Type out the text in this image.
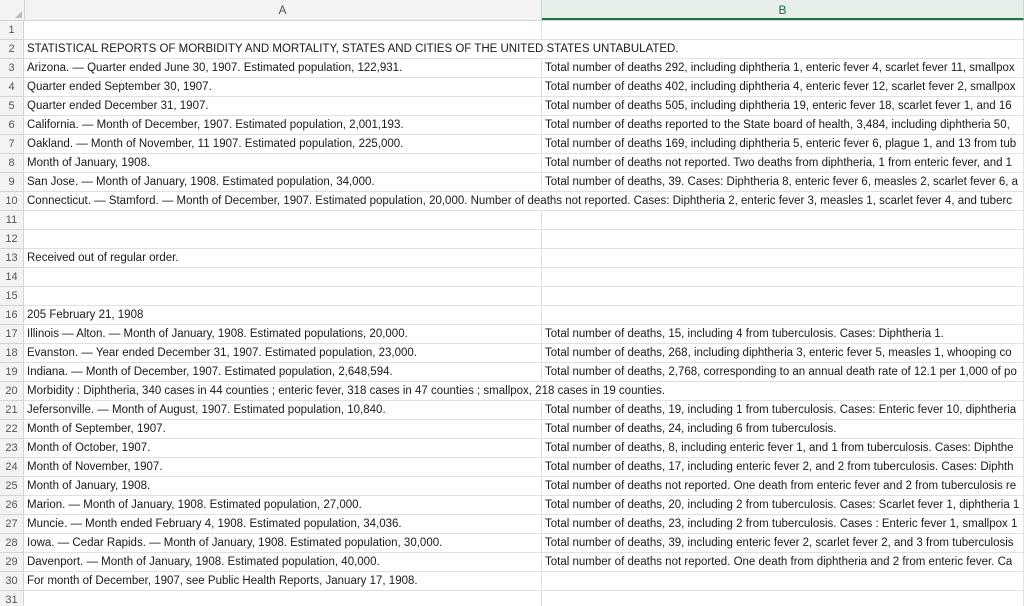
A	B
1
2	STATISTICAL REPORTS OF MORBIDITY AND MORTALITY, STATES AND CITIES OF THE UNITED STATES UNTABULATED.
3	Arizona. — Quarter ended June 30, 1907. Estimated population, 122,931.	Total number of deaths 292, including diphtheria 1, enteric fever 4, scarlet fever 11, smallpox
4	Quarter ended September 30, 1907.	Total number of deaths 402, including diphtheria 4, enteric fever 12, scarlet fever 2, smallpox
5	Quarter ended December 31, 1907.	Total number of deaths 505, including diphtheria 19, enteric fever 18, scarlet fever 1, and 16
6	California. — Month of December, 1907. Estimated population, 2,001,193.	Total number of deaths reported to the State board of health, 3,484, including diphtheria 50,
7	Oakland. — Month of November, 11 1907. Estimated population, 225,000.	Total number of deaths 169, including diphtheria 5, enteric fever 6, plague 1, and 13 from tub
8	Month of January, 1908.	Total number of deaths not reported. Two deaths from diphtheria, 1 from enteric fever, and 1
9	San Jose. — Month of January, 1908. Estimated population, 34,000.	Total number of deaths, 39. Cases: Diphtheria 8, enteric fever 6, measles 2, scarlet fever 6, a
10 Connecticut. — Stamford. — Month of December, 1907. Estimated population, 20,000. Number of deaths not reported. Cases: Diphtheria 2, enteric fever 3, measles 1, scarlet fever 4, and tuberc
11
12
13 Received out of regular order.
14
15
16 205 February 21, 1908
17 Illinois — Alton. — Month of January, 1908. Estimated populations, 20,000.	Total number of deaths, 15, including 4 from tuberculosis. Cases: Diphtheria 1.
18 Evanston. — Year ended December 31, 1907. Estimated population, 23,000.	Total number of deaths, 268, including diphtheria 3, enteric fever 5, measles 1, whooping co
19 Indiana. — Month of December, 1907. Estimated population, 2,648,594.	Total number of deaths, 2,768, corresponding to an annual death rate of 12.1 per 1,000 of po
20 Morbidity : Diphtheria, 340 cases in 44 counties ; enteric fever, 318 cases in 47 counties ; smallpox, 218 cases in 19 counties.
21 Jefersonville. — Month of August, 1907. Estimated population, 10,840.	Total number of deaths, 19, including 1 from tuberculosis. Cases: Enteric fever 10, diphtheria
22 Month of September, 1907.	Total number of deaths, 24, including 6 from tuberculosis.
23 Month of October, 1907.	Total number of deaths, 8, including enteric fever 1, and 1 from tuberculosis. Cases: Diphthe
24 Month of November, 1907.	Total number of deaths, 17, including enteric fever 2, and 2 from tuberculosis. Cases: Diphth
25 Month of January, 1908.	Total number of deaths not reported. One death from enteric fever and 2 from tuberculosis re
26 Marion. — Month of January, 1908. Estimated population, 27,000.	Total number of deaths, 20, including 2 from tuberculosis. Cases: Scarlet fever 1, diphtheria 1
27 Muncie. — Month ended February 4, 1908. Estimated population, 34,036.	Total number of deaths, 23, including 2 from tuberculosis. Cases : Enteric fever 1, smallpox 1
28 Iowa. — Cedar Rapids. — Month of January, 1908. Estimated population, 30,000.	Total number of deaths, 39, including enteric fever 2, scarlet fever 2, and 3 from tuberculosis
29 Davenport. — Month of January, 1908. Estimated population, 40,000.	Total number of deaths not reported. One death from diphtheria and 2 from enteric fever. Ca
30 For month of December, 1907, see Public Health Reports, January 17, 1908.
31
